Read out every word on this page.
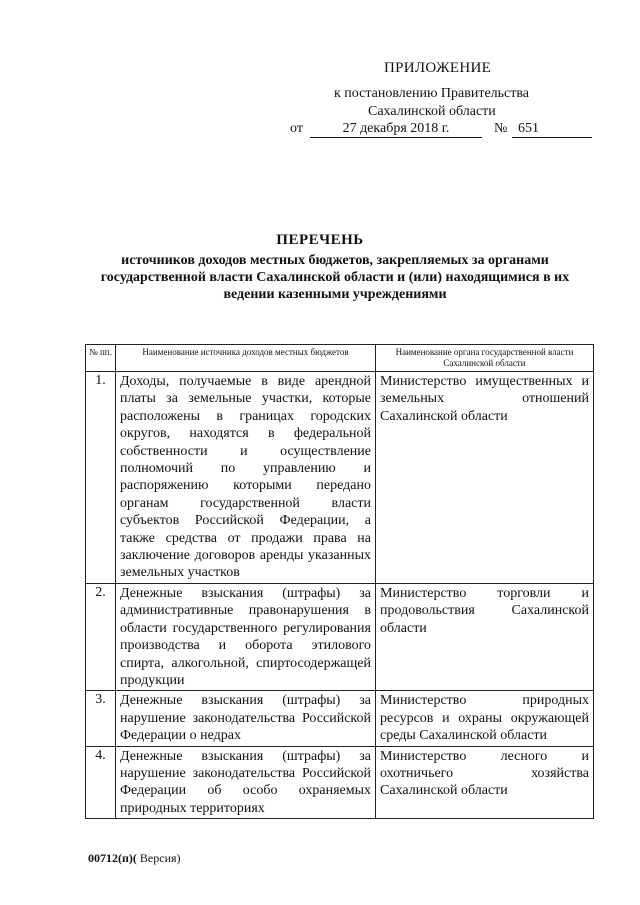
ПРИЛОЖЕНИЕ
к постановлению Правительства
Сахалинской области
от	27 декабря 2018 г.	№ 651
ПЕРЕЧЕНЬ
источников доходов местных бюджетов, закрепляемых за органами государственной власти Сахалинской области и (или) находящимися в их ведении казенными учреждениями
№ пп.	Наименование источника доходов местных бюджетов	Наименование органа государственной власти Сахалинской области
1.	Доходы, получаемые в виде арендной платы за земельные участки, которые расположены в границах городских округов, находятся в федеральной собственности и осуществление полномочий по управлению и распоряжению которыми передано органам государственной власти субъектов Российской Федерации, а также средства от продажи права на заключение договоров аренды указанных земельных участков	Министерство имущественных и земельных отношений Сахалинской области
2.	Денежные взыскания (штрафы) за административные правонарушения в области государственного регулирования производства и оборота этилового спирта, алкогольной, спиртосодержащей продукции	Министерство торговли и продовольствия Сахалинской области
3.	Денежные взыскания (штрафы) за нарушение законодательства Российской Федерации о недрах	Министерство природных ресурсов и охраны окружающей среды Сахалинской области
4.	Денежные взыскания (штрафы) за нарушение законодательства Российской Федерации об особо охраняемых природных территориях	Министерство лесного и охотничьего хозяйства Сахалинской области
00712(п)( Версия)
